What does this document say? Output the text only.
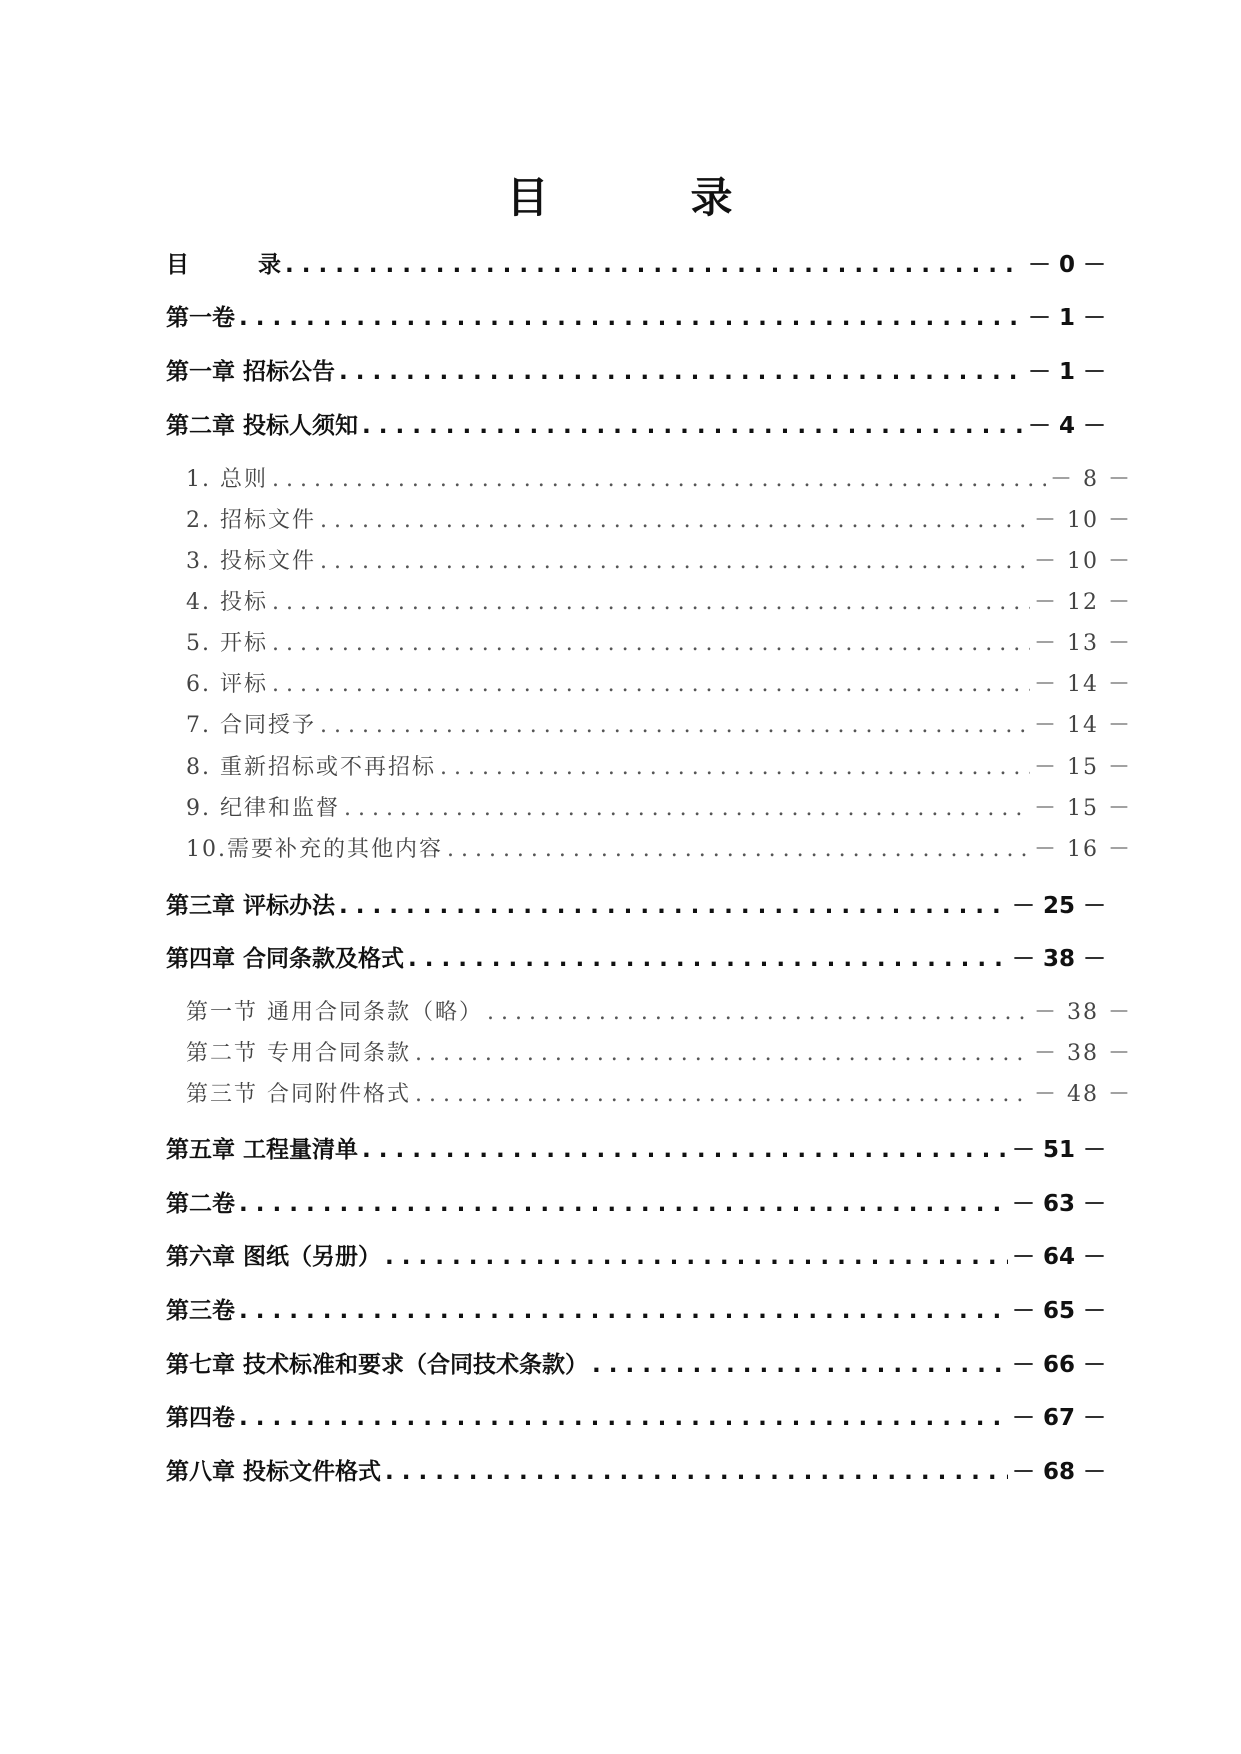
目	录
目　　　录 . . .	－ 0 －
第一卷 . . .	－ 1 －
第一章 招标公告 . . .	－ 1 －
第二章 投标人须知 . . .	－ 4 －
1. 总则 . . .	－ 8 －
2. 招标文件 . . .	－ 10 －
3. 投标文件 . . .	－ 10 －
4. 投标 . . .	－ 12 －
5. 开标 . . .	－ 13 －
6. 评标 . . .	－ 14 －
7. 合同授予 . . .	－ 14 －
8. 重新招标或不再招标 . . .	－ 15 －
9. 纪律和监督 . . .	－ 15 －
10.需要补充的其他内容 . . .	－ 16 －
第三章 评标办法 . . .	－ 25 －
第四章 合同条款及格式 . . .	－ 38 －
第一节 通用合同条款（略） . . .	－ 38 －
第二节 专用合同条款 . . .	－ 38 －
第三节 合同附件格式 . . .	－ 48 －
第五章 工程量清单 . . .	－ 51 －
第二卷 . . .	－ 63 －
第六章 图纸（另册） . . .	－ 64 －
第三卷 . . .	－ 65 －
第七章 技术标准和要求（合同技术条款） . . .	－ 66 －
第四卷 . . .	－ 67 －
第八章 投标文件格式 . . .	－ 68 －
